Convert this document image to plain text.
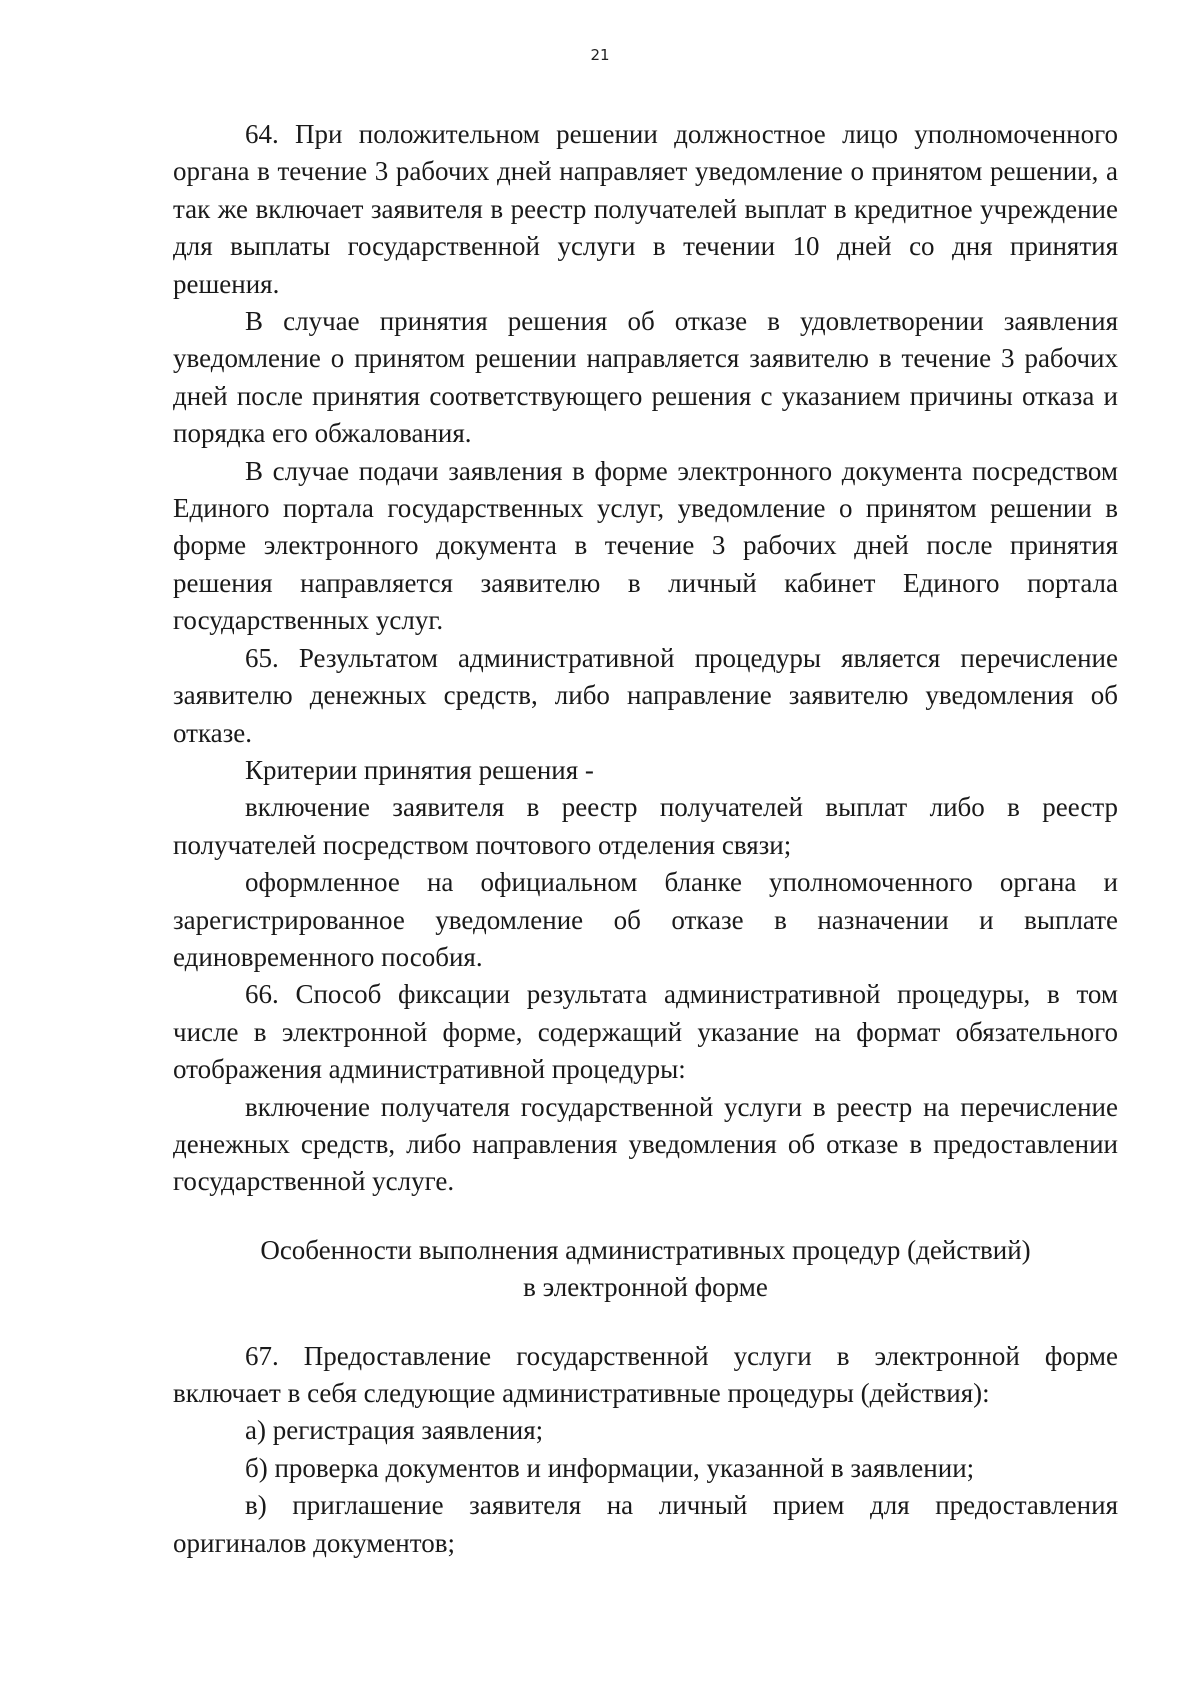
21

64. При положительном решении должностное лицо уполномоченного органа в течение 3 рабочих дней направляет уведомление о принятом решении, а так же включает заявителя в реестр получателей выплат в кредитное учреждение для выплаты государственной услуги в течении 10 дней со дня принятия решения.

В случае принятия решения об отказе в удовлетворении заявления уведомление о принятом решении направляется заявителю в течение 3 рабочих дней после принятия соответствующего решения с указанием причины отказа и порядка его обжалования.

В случае подачи заявления в форме электронного документа посредством Единого портала государственных услуг, уведомление о принятом решении в форме электронного документа в течение 3 рабочих дней после принятия решения направляется заявителю в личный кабинет Единого портала государственных услуг.

65. Результатом административной процедуры является перечисление заявителю денежных средств, либо направление заявителю уведомления об отказе.

Критерии принятия решения -

включение заявителя в реестр получателей выплат либо в реестр получателей посредством почтового отделения связи;

оформленное на официальном бланке уполномоченного органа и зарегистрированное уведомление об отказе в назначении и выплате единовременного пособия.

66. Способ фиксации результата административной процедуры, в том числе в электронной форме, содержащий указание на формат обязательного отображения административной процедуры:

включение получателя государственной услуги в реестр на перечисление денежных средств, либо направления уведомления об отказе в предоставлении государственной услуге.

Особенности выполнения административных процедур (действий)
в электронной форме

67. Предоставление государственной услуги в электронной форме включает в себя следующие административные процедуры (действия):

а) регистрация заявления;

б) проверка документов и информации, указанной в заявлении;

в) приглашение заявителя на личный прием для предоставления оригиналов документов;
